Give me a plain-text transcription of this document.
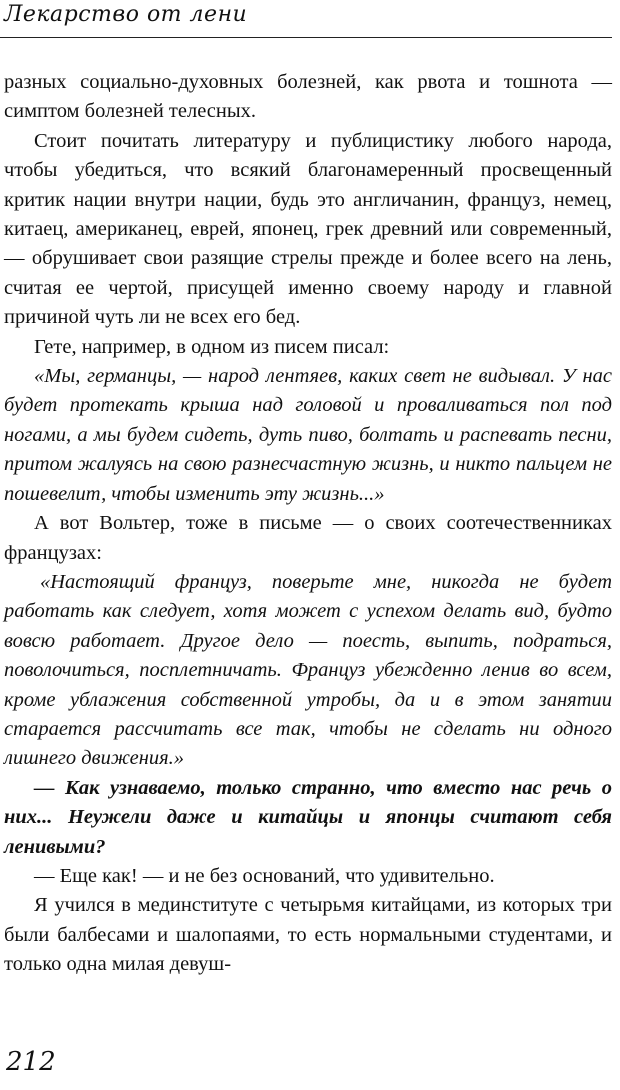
Лекарство от лени

разных социально-духовных болезней, как рвота и тошнота — симптом болезней телесных.

Стоит почитать литературу и публицистику любого народа, чтобы убедиться, что всякий благонамеренный просвещенный критик нации внутри нации, будь это англичанин, француз, немец, китаец, американец, еврей, японец, грек древний или современный, — обрушивает свои разящие стрелы прежде и более всего на лень, считая ее чертой, присущей именно своему народу и главной причиной чуть ли не всех его бед.

Гете, например, в одном из писем писал:

«Мы, германцы, — народ лентяев, каких свет не видывал. У нас будет протекать крыша над головой и проваливаться пол под ногами, а мы будем сидеть, дуть пиво, болтать и распевать песни, притом жалуясь на свою разнесчастную жизнь, и никто пальцем не пошевелит, чтобы изменить эту жизнь...»

А вот Вольтер, тоже в письме — о своих соотечественниках французах:

«Настоящий француз, поверьте мне, никогда не будет работать как следует, хотя может с успехом делать вид, будто вовсю работает. Другое дело — поесть, выпить, подраться, поволочиться, посплетничать. Француз убежденно ленив во всем, кроме ублажения собственной утробы, да и в этом занятии старается рассчитать все так, чтобы не сделать ни одного лишнего движения.»

— Как узнаваемо, только странно, что вместо нас речь о них... Неужели даже и китайцы и японцы считают себя ленивыми?

— Еще как! — и не без оснований, что удивительно.

Я учился в мединституте с четырьмя китайцами, из которых три были балбесами и шалопаями, то есть нормальными студентами, и только одна милая девуш-

212
